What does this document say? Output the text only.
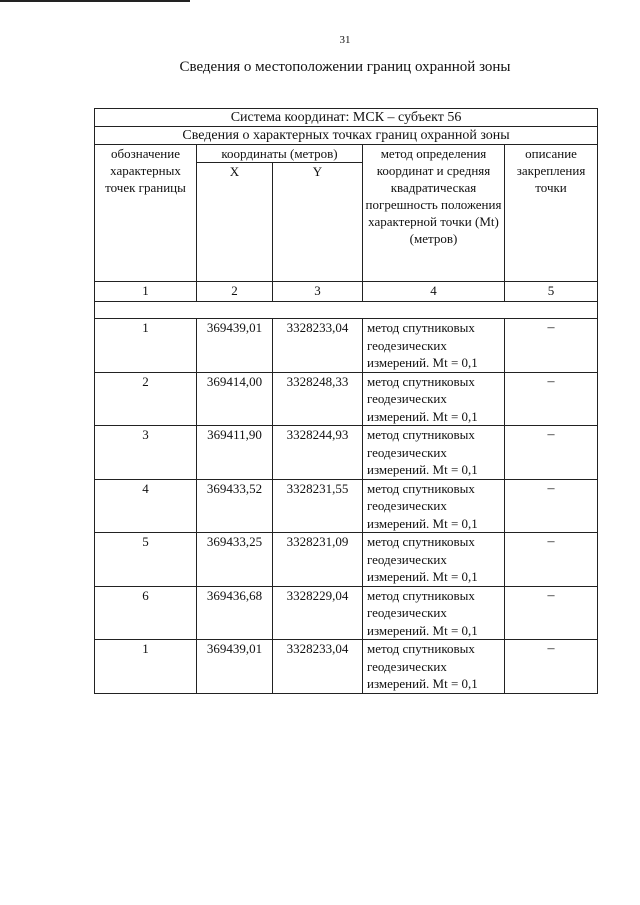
31
Сведения о местоположении границ охранной зоны
Система координат: МСК – субъект 56				
Сведения о характерных точках границ охранной зоны				
обозначение характерных точек границы	координаты (метров)		метод определения координат и средняя квадратическая погрешность положения характерной точки (Mt) (метров)	описание закрепления точки
	X	Y		
1	2	3	4	5

1	369439,01	3328233,04	метод спутниковых геодезических измерений. Mt = 0,1	–
2	369414,00	3328248,33	метод спутниковых геодезических измерений. Mt = 0,1	–
3	369411,90	3328244,93	метод спутниковых геодезических измерений. Mt = 0,1	–
4	369433,52	3328231,55	метод спутниковых геодезических измерений. Mt = 0,1	–
5	369433,25	3328231,09	метод спутниковых геодезических измерений. Mt = 0,1	–
6	369436,68	3328229,04	метод спутниковых геодезических измерений. Mt = 0,1	–
1	369439,01	3328233,04	метод спутниковых геодезических измерений. Mt = 0,1	–
